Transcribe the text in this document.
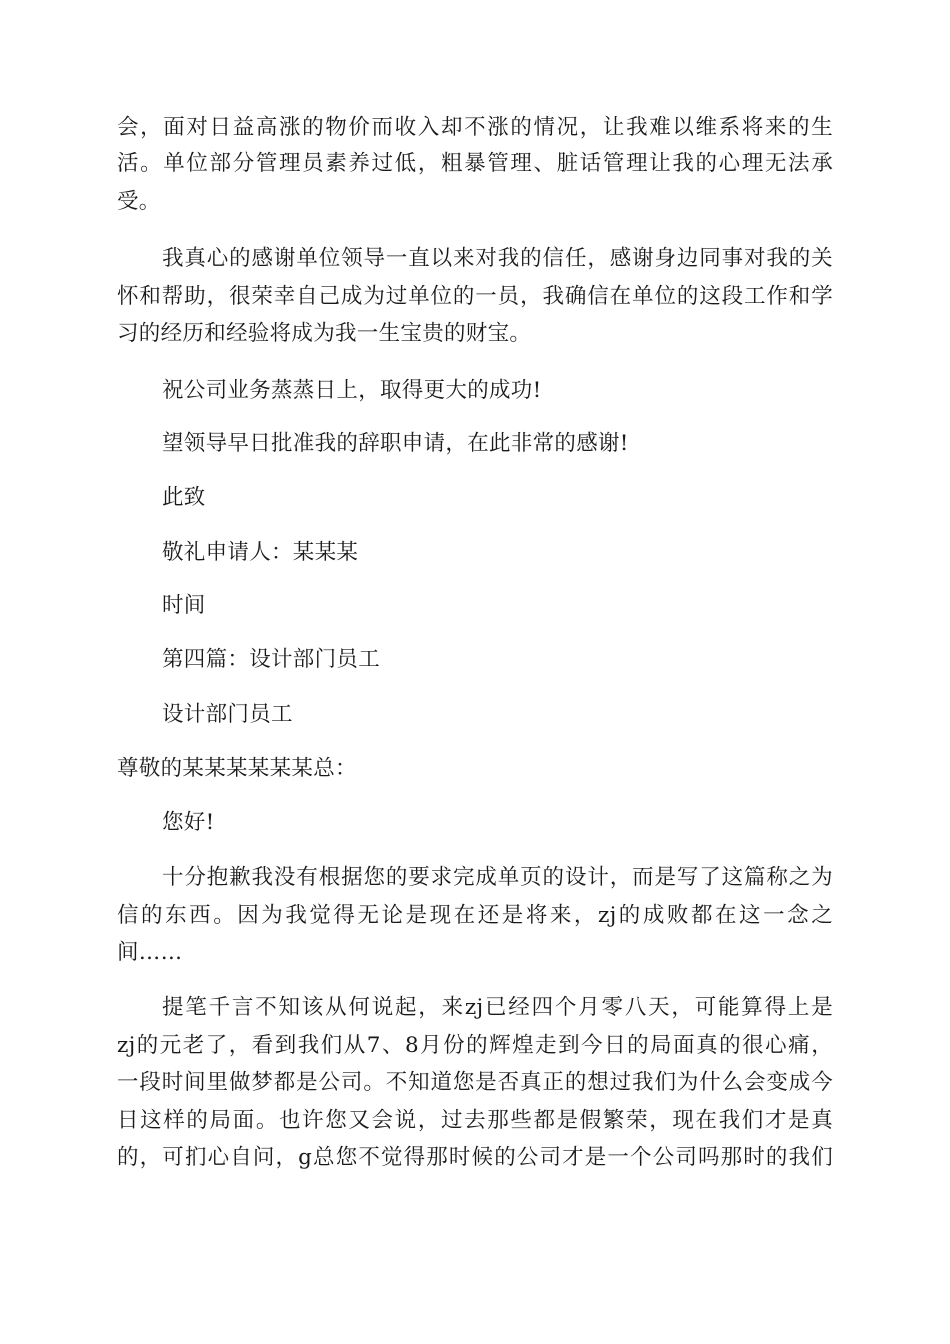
会，面对日益高涨的物价而收入却不涨的情况，让我难以维系将来的生
活。单位部分管理员素养过低，粗暴管理、脏话管理让我的心理无法承
受。
我真心的感谢单位领导一直以来对我的信任，感谢身边同事对我的关
怀和帮助，很荣幸自己成为过单位的一员，我确信在单位的这段工作和学
习的经历和经验将成为我一生宝贵的财宝。
祝公司业务蒸蒸日上，取得更大的成功!
望领导早日批准我的辞职申请，在此非常的感谢!
此致
敬礼申请人：某某某
时间
第四篇：设计部门员工
设计部门员工
尊敬的某某某某某某总：
您好!
十分抱歉我没有根据您的要求完成单页的设计，而是写了这篇称之为
信的东西。因为我觉得无论是现在还是将来，zj的成败都在这一念之
间……
提笔千言不知该从何说起，来zj已经四个月零八天，可能算得上是
zj的元老了，看到我们从7、8月份的辉煌走到今日的局面真的很心痛，
一段时间里做梦都是公司。不知道您是否真正的想过我们为什么会变成今
日这样的局面。也许您又会说，过去那些都是假繁荣，现在我们才是真
的，可扪心自问，g总您不觉得那时候的公司才是一个公司吗那时的我们
